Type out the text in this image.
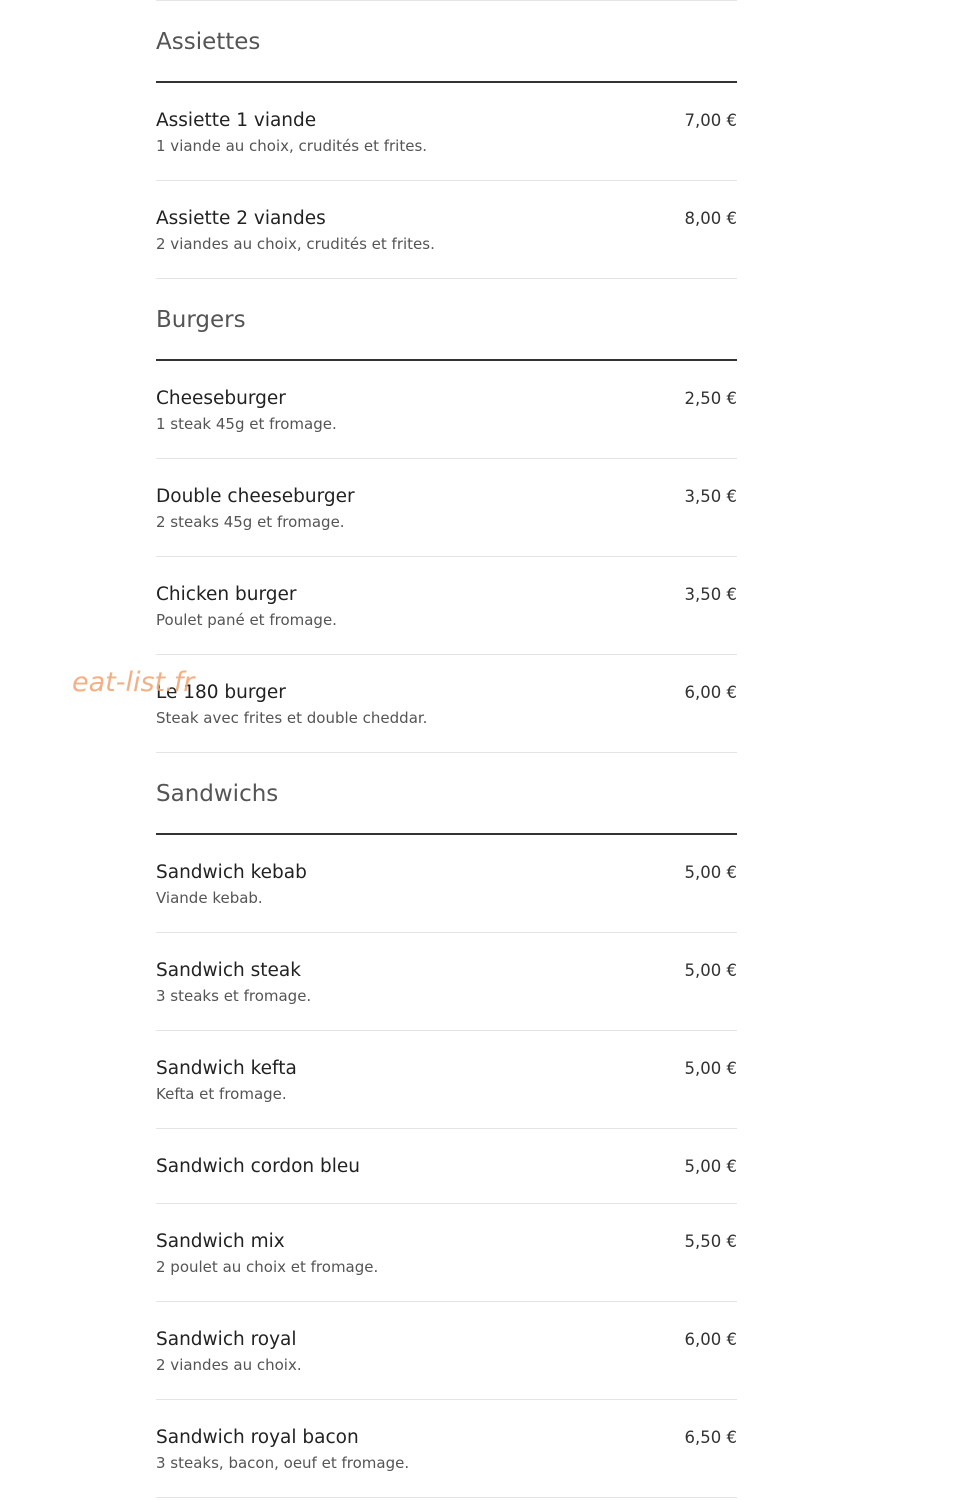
Assiettes
Assiette 1 viande
1 viande au choix, crudités et frites.
7,00 €
Assiette 2 viandes
2 viandes au choix, crudités et frites.
8,00 €
Burgers
Cheeseburger
1 steak 45g et fromage.
2,50 €
Double cheeseburger
2 steaks 45g et fromage.
3,50 €
Chicken burger
Poulet pané et fromage.
3,50 €
Le 180 burger
Steak avec frites et double cheddar.
6,00 €
Sandwichs
Sandwich kebab
Viande kebab.
5,00 €
Sandwich steak
3 steaks et fromage.
5,00 €
Sandwich kefta
Kefta et fromage.
5,00 €
Sandwich cordon bleu	5,00 €
Sandwich mix
2 poulet au choix et fromage.
5,50 €
Sandwich royal
2 viandes au choix.
6,00 €
Sandwich royal bacon
3 steaks, bacon, oeuf et fromage.
6,50 €
eat-list.fr
